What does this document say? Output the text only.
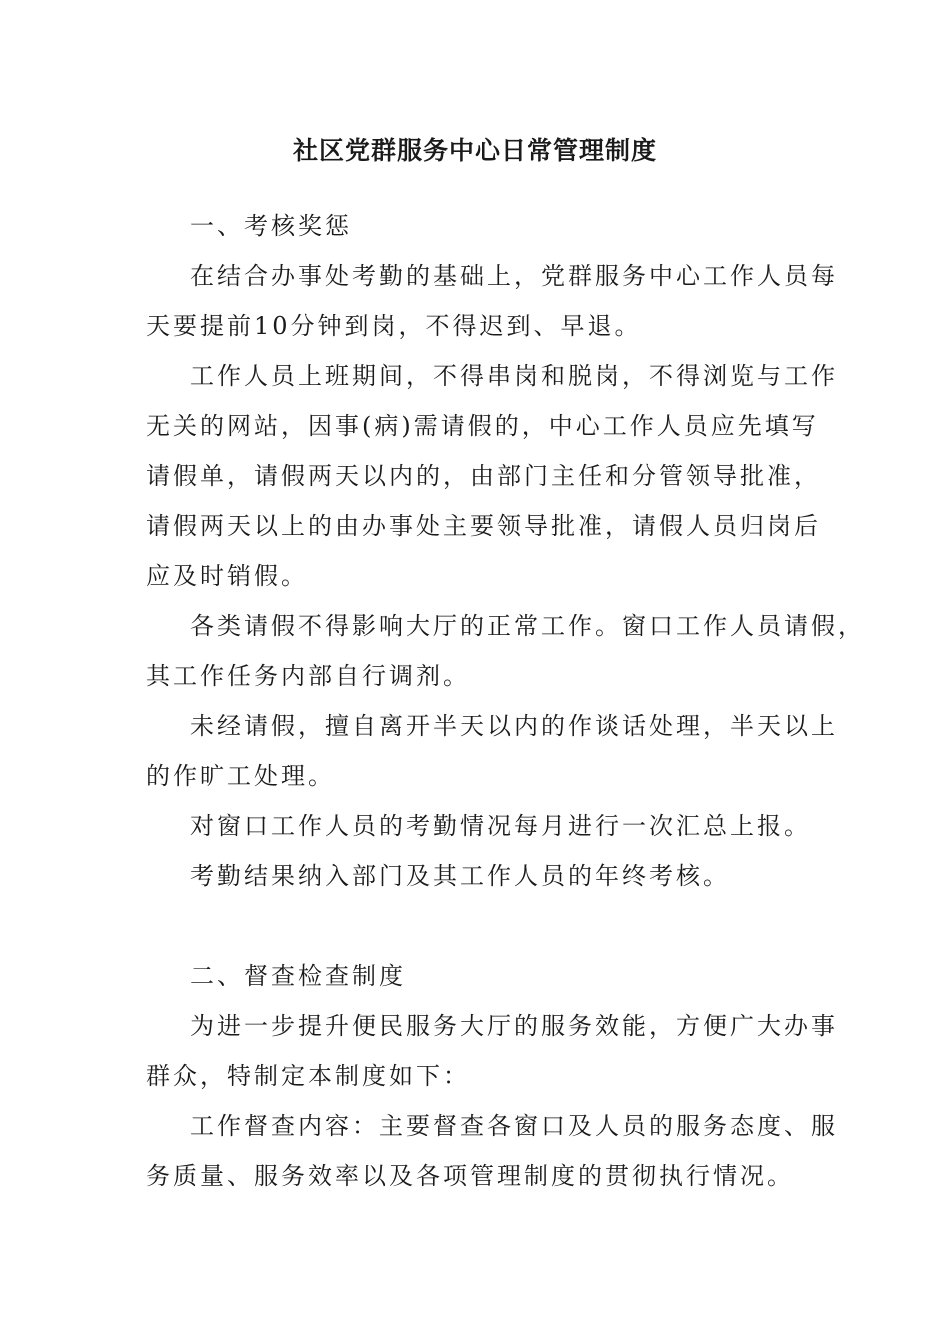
社区党群服务中心日常管理制度

一、考核奖惩

在结合办事处考勤的基础上，党群服务中心工作人员每

天要提前10分钟到岗，不得迟到、早退。

工作人员上班期间，不得串岗和脱岗，不得浏览与工作

无关的网站，因事(病)需请假的，中心工作人员应先填写

请假单，请假两天以内的，由部门主任和分管领导批准，

请假两天以上的由办事处主要领导批准，请假人员归岗后

应及时销假。

各类请假不得影响大厅的正常工作。窗口工作人员请假，

其工作任务内部自行调剂。

未经请假，擅自离开半天以内的作谈话处理，半天以上

的作旷工处理。

对窗口工作人员的考勤情况每月进行一次汇总上报。

考勤结果纳入部门及其工作人员的年终考核。

二、督查检查制度

为进一步提升便民服务大厅的服务效能，方便广大办事

群众，特制定本制度如下：

工作督查内容：主要督查各窗口及人员的服务态度、服

务质量、服务效率以及各项管理制度的贯彻执行情况。
